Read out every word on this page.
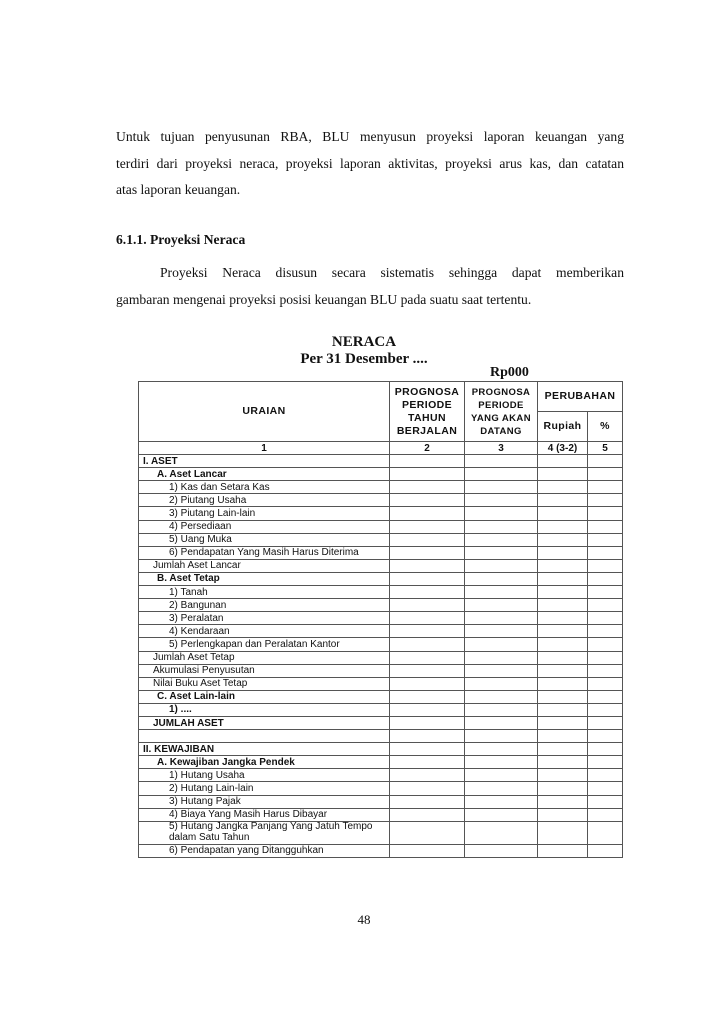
Untuk tujuan penyusunan RBA, BLU menyusun proyeksi laporan keuangan yang
terdiri dari proyeksi neraca, proyeksi laporan aktivitas, proyeksi arus kas, dan catatan
atas laporan keuangan.
6.1.1. Proyeksi Neraca
Proyeksi Neraca disusun secara sistematis sehingga dapat memberikan
gambaran mengenai proyeksi posisi keuangan BLU pada suatu saat tertentu.
NERACA
Per 31 Desember ....
Rp000
URAIAN	PROGNOSA PERIODE TAHUN BERJALAN	PROGNOSA PERIODE YANG AKAN DATANG	PERUBAHAN	
			Rupiah	%
1	2	3	4 (3-2)	5
I. ASET				
A. Aset Lancar				
1) Kas dan Setara Kas				
2) Piutang Usaha				
3) Piutang Lain-lain				
4) Persediaan				
5) Uang Muka				
6) Pendapatan Yang Masih Harus Diterima				
Jumlah Aset Lancar				
B. Aset Tetap				
1) Tanah				
2) Bangunan				
3) Peralatan				
4) Kendaraan				
5) Perlengkapan dan Peralatan Kantor				
Jumlah Aset Tetap				
Akumulasi Penyusutan				
Nilai Buku Aset Tetap				
C. Aset Lain-lain				
1) ....				
JUMLAH ASET				

II. KEWAJIBAN				
A. Kewajiban Jangka Pendek				
1) Hutang Usaha				
2) Hutang Lain-lain				
3) Hutang Pajak				
4) Biaya Yang Masih Harus Dibayar				
5) Hutang Jangka Panjang Yang Jatuh Tempo dalam Satu Tahun				
6) Pendapatan yang Ditangguhkan				
48
